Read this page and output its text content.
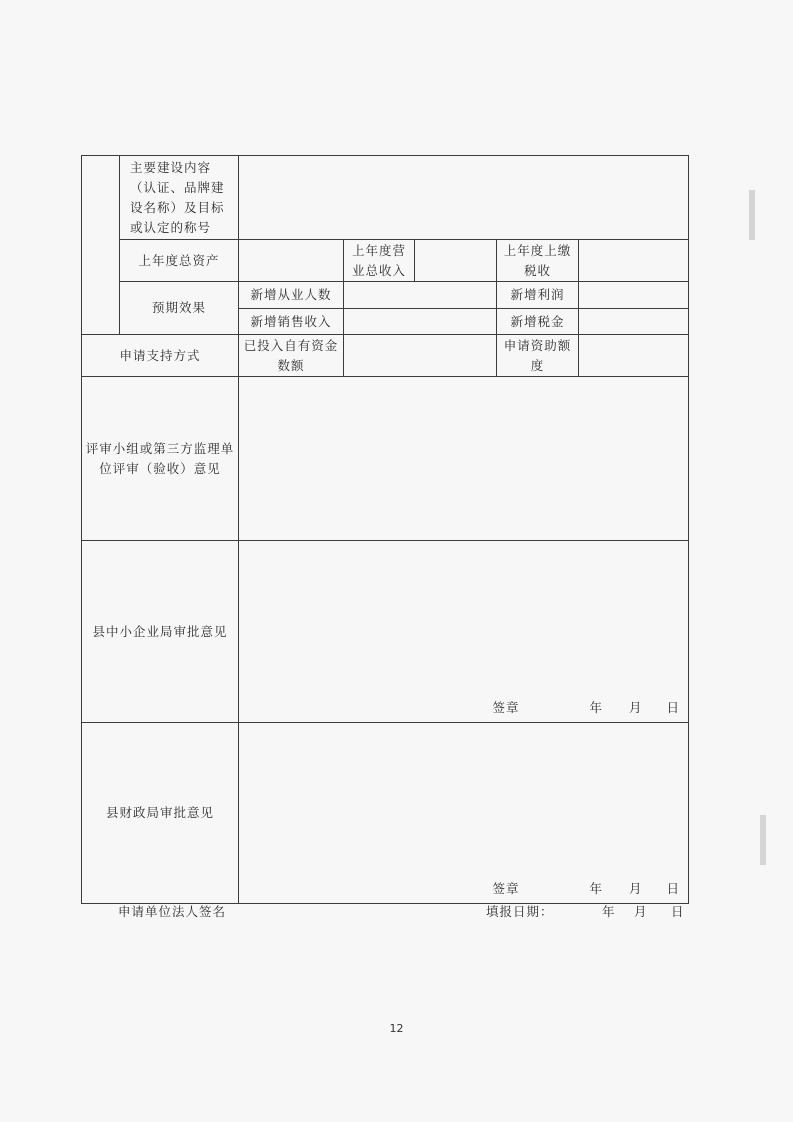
	主要建设内容（认证、品牌建设名称）及目标或认定的称号					
	上年度总资产		上年度营业总收入		上年度上缴税收	
	预期效果	新增从业人数			新增利润	
		新增销售收入			新增税金	
申请支持方式		已投入自有资金数额			申请资助额度	
评审小组或第三方监理单位评审（验收）意见						
县中小企业局审批意见		签章 年 月 日				

县财政局审批意见		签章 年 月 日				
申请单位法人签名	填报日期：	年 月 日
12
